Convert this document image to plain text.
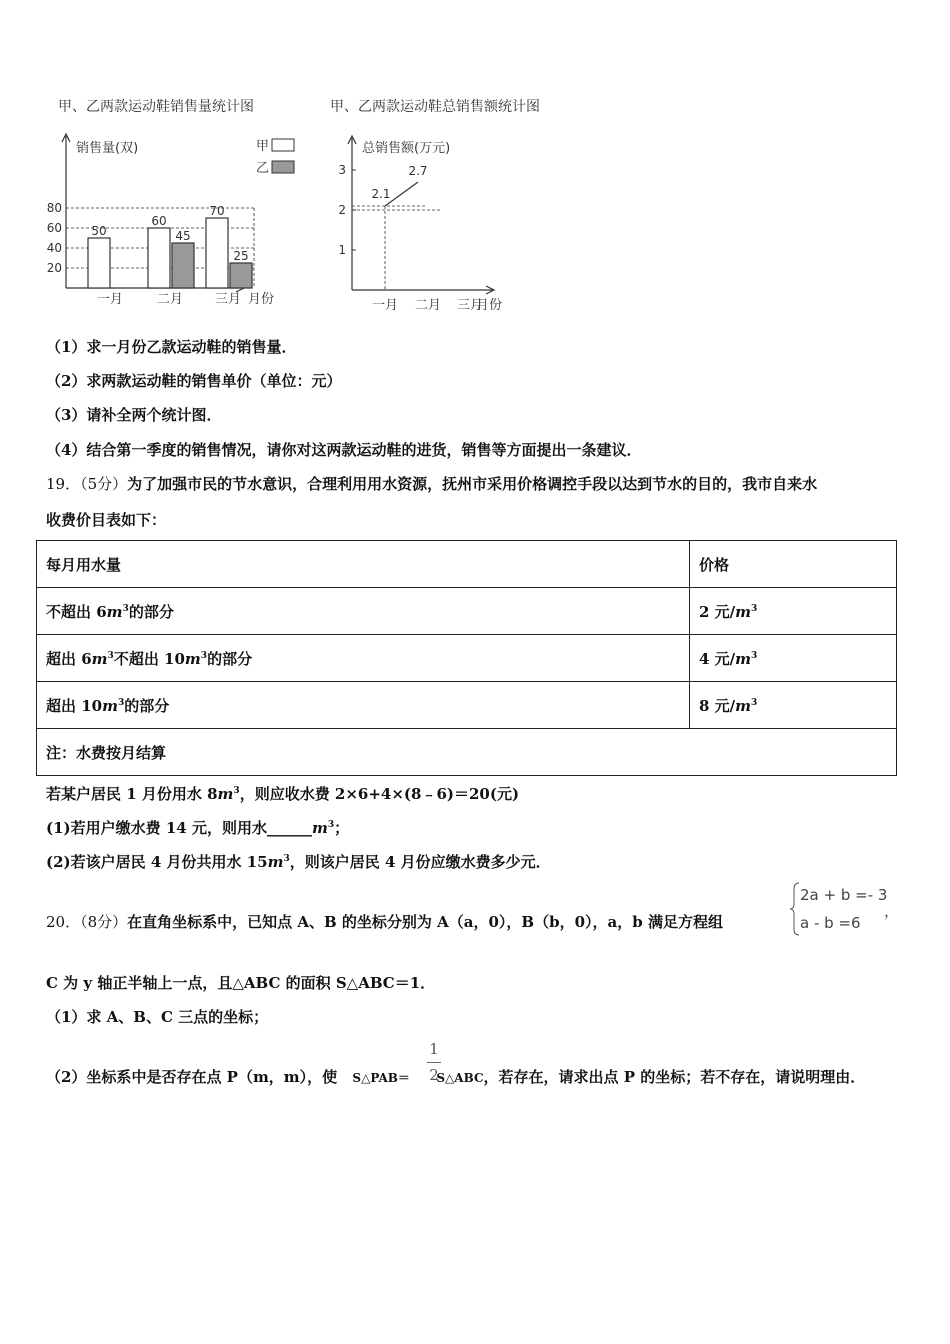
甲、乙两款运动鞋销售量统计图
销售量(双)
月份
20
40
60
80
一月
50
二月
60
45
三月
70
25
甲
乙
甲、乙两款运动鞋总销售额统计图
总销售额(万元)
月份
1
2
3
一月 二月 三月
2.1
2.7
（1）求一月份乙款运动鞋的销售量．
（2）求两款运动鞋的销售单价（单位：元）
（3）请补全两个统计图．
（4）结合第一季度的销售情况，请你对这两款运动鞋的进货，销售等方面提出一条建议．
19．（5分）为了加强市民的节水意识，合理利用用水资源，抚州市采用价格调控手段以达到节水的目的，我市自来水
收费价目表如下：
每月用水量	价格
不超出 $6m^3$的部分	2 元$/m^3$
超出 $6m^3$不超出 $10m^3$的部分	4 元$/m^3$
超出 $10m^3$的部分	8 元$/m^3$
注：水费按月结算	
若某户居民 1 月份用水 $8m^3$，则应收水费 2×6+4×(8﹣6)＝20(元)
(1)若用户缴水费 14 元，则用水$\_\_\_\_\_\_m^3$；
(2)若该户居民 4 月份共用水 $15m^3$，则该户居民 4 月份应缴水费多少元．
20．（8分）在直角坐标系中，已知点 A、B 的坐标分别为 A（a，0），B（b，0），a，b 满足方程组
2a + b =- 3
a - b =6
，
C 为 y 轴正半轴上一点，且△ABC 的面积 S△ABC＝1．
（1）求 A、B、C 三点的坐标；
（2）坐标系中是否存在点 P（m，m），使 S△PAB＝ S△ABC，若存在，请求出点 P 的坐标；若不存在，请说明理由．
1
2
